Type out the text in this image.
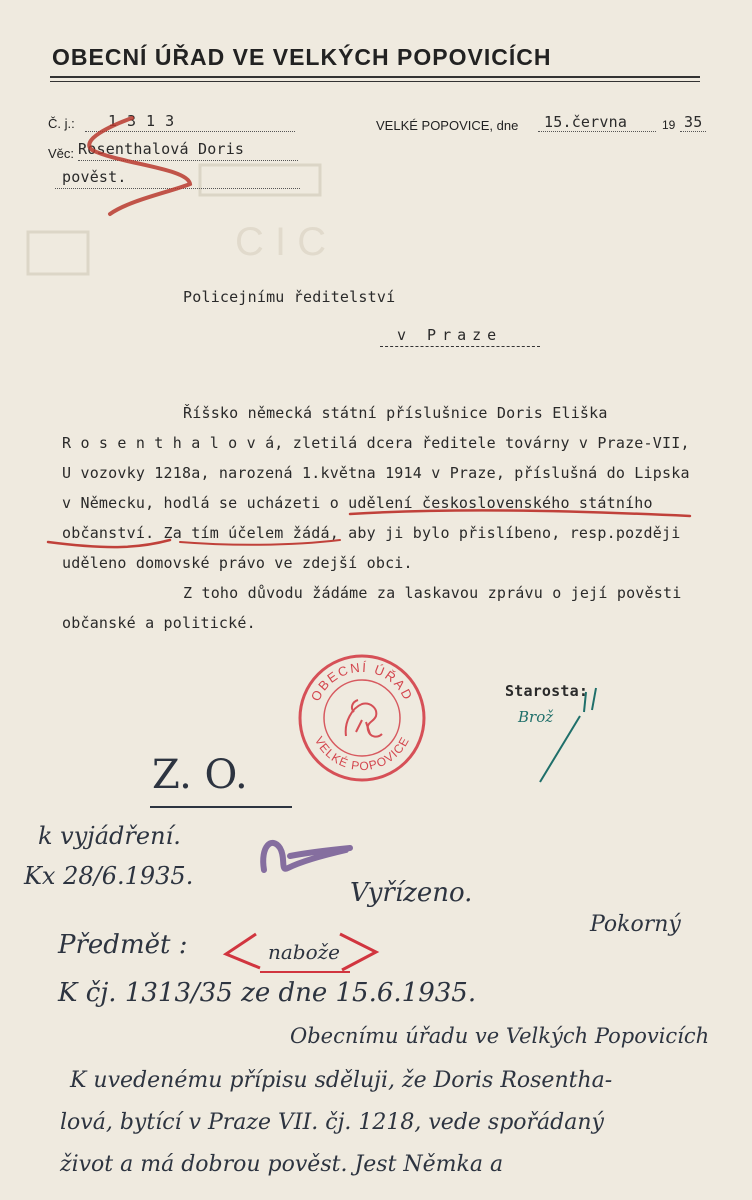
C I C
OBECNÍ ÚŘAD VE VELKÝCH POPOVICÍCH
Č. j.: 1313
Věc: Rosenthalová Doris
pověst.
VELKÉ POPOVICE, dne 15.června	19 35
Policejnímu ředitelství
v Praze
Říšsko německá státní příslušnice Doris Eliška
R o s e n t h a l o v á, zletilá dcera ředitele továrny v Praze-VII,
U vozovky 1218a, narozená 1.května 1914 v Praze, příslušná do Lipska
v Německu, hodlá se ucházeti o udělení československého státního
občanství. Za tím účelem žádá, aby ji bylo přislíbeno, resp.později
uděleno domovské právo ve zdejší obci.
Z toho důvodu žádáme za laskavou zprávu o její pověsti
občanské a politické.
OBECNÍ ÚŘAD
VELKÉ POPOVICE
Starosta:
Brož
Z. O.
k vyjádření.
Kx 28/6.1935.
Vyřízeno.
Pokorný
Předmět :	nabože
K čj. 1313/35 ze dne 15.6.1935.
Obecnímu úřadu ve Velkých Popovicích
K uvedenému přípisu sděluji, že Doris Rosentha-
lová, bytící v Praze VII. čj. 1218, vede spořádaný
život a má dobrou pověst. Jest Němka a
